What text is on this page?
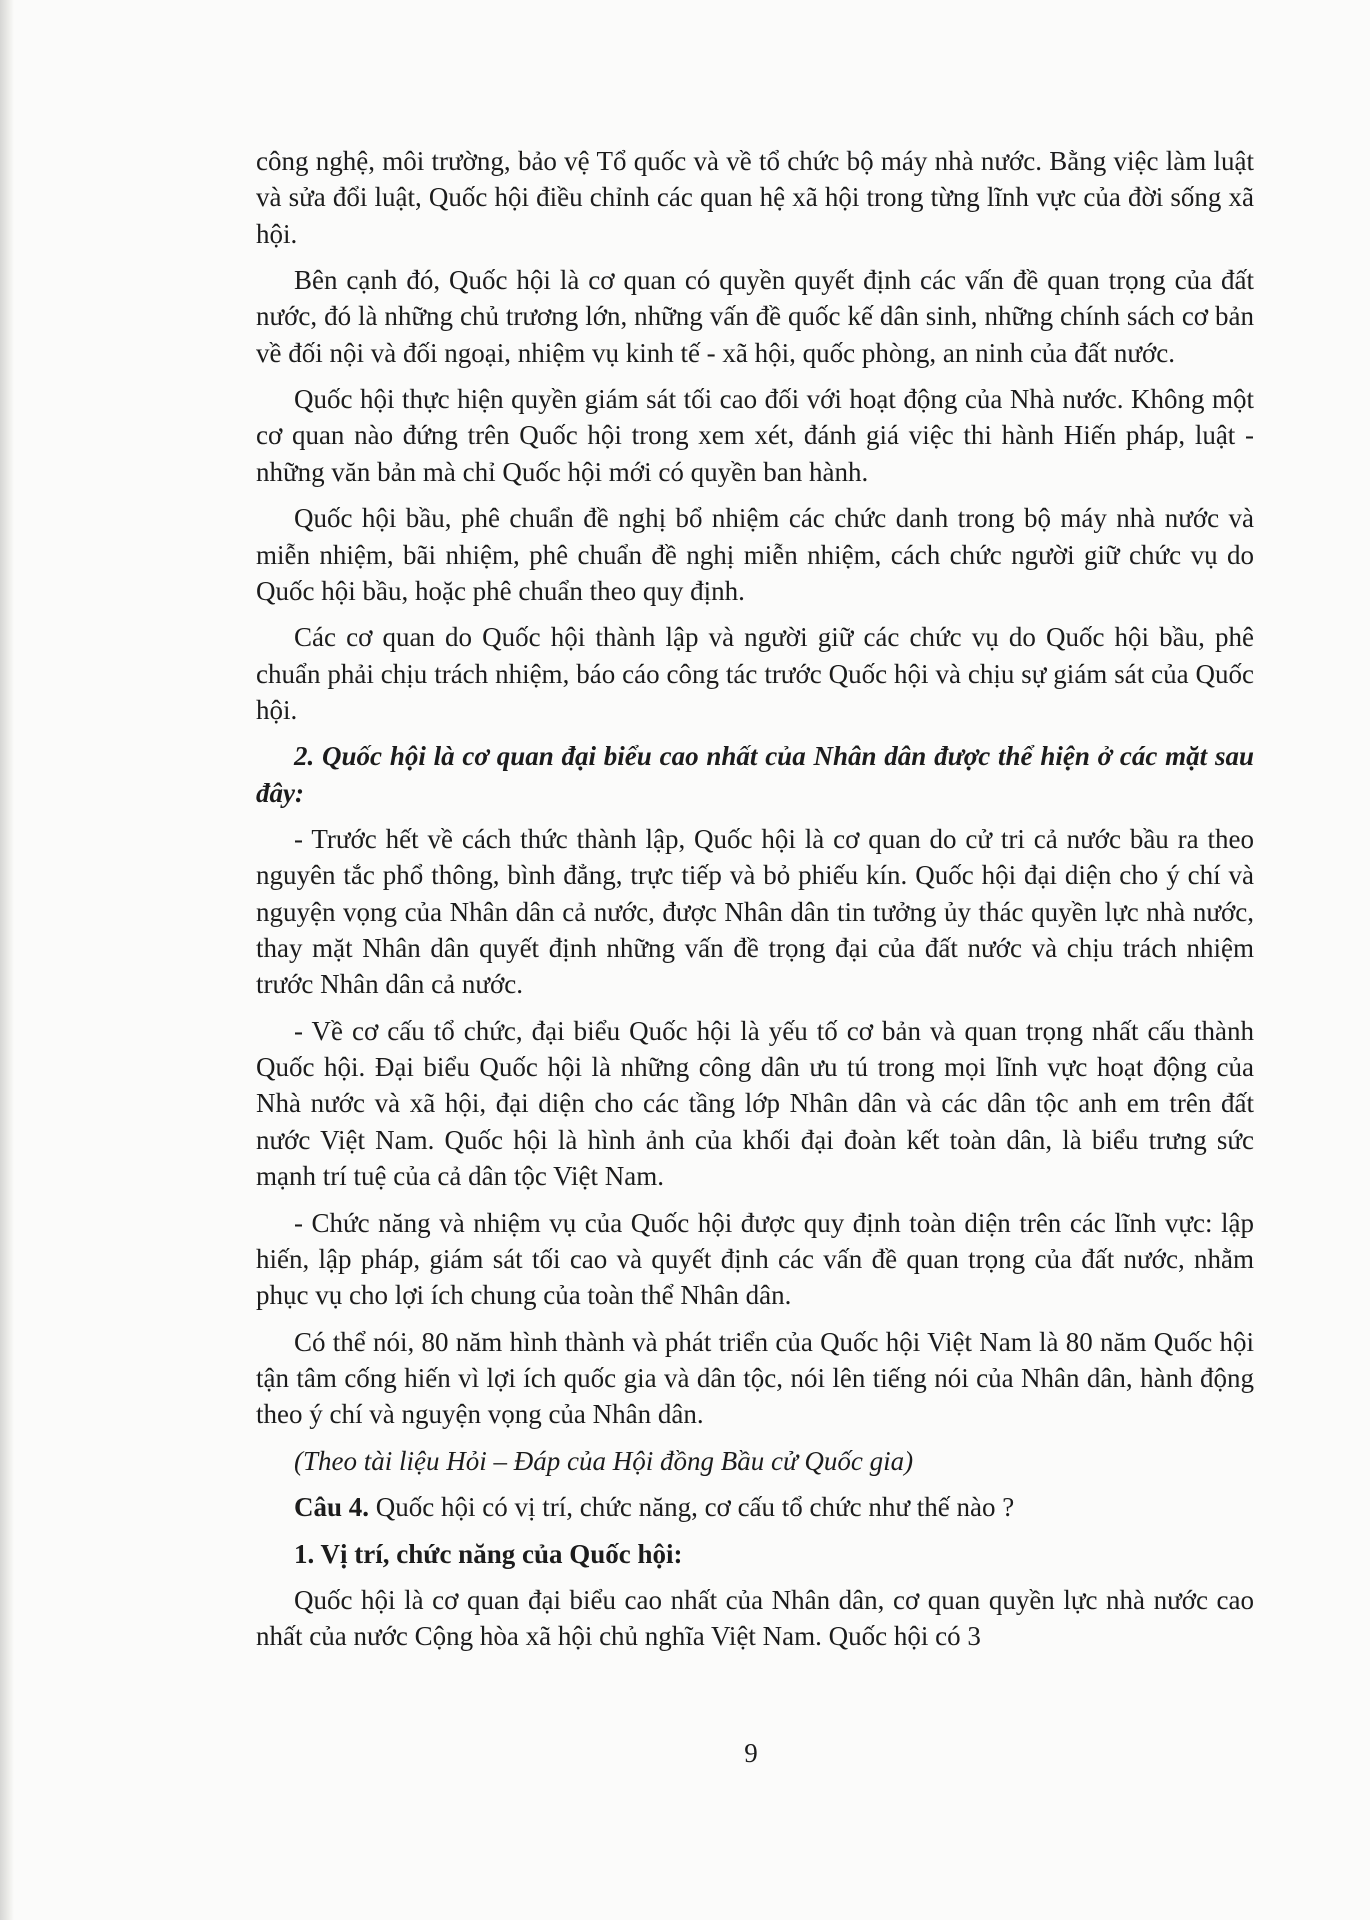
công nghệ, môi trường, bảo vệ Tổ quốc và về tổ chức bộ máy nhà nước. Bằng việc làm luật và sửa đổi luật, Quốc hội điều chỉnh các quan hệ xã hội trong từng lĩnh vực của đời sống xã hội.

Bên cạnh đó, Quốc hội là cơ quan có quyền quyết định các vấn đề quan trọng của đất nước, đó là những chủ trương lớn, những vấn đề quốc kế dân sinh, những chính sách cơ bản về đối nội và đối ngoại, nhiệm vụ kinh tế - xã hội, quốc phòng, an ninh của đất nước.

Quốc hội thực hiện quyền giám sát tối cao đối với hoạt động của Nhà nước. Không một cơ quan nào đứng trên Quốc hội trong xem xét, đánh giá việc thi hành Hiến pháp, luật - những văn bản mà chỉ Quốc hội mới có quyền ban hành.

Quốc hội bầu, phê chuẩn đề nghị bổ nhiệm các chức danh trong bộ máy nhà nước và miễn nhiệm, bãi nhiệm, phê chuẩn đề nghị miễn nhiệm, cách chức người giữ chức vụ do Quốc hội bầu, hoặc phê chuẩn theo quy định.

Các cơ quan do Quốc hội thành lập và người giữ các chức vụ do Quốc hội bầu, phê chuẩn phải chịu trách nhiệm, báo cáo công tác trước Quốc hội và chịu sự giám sát của Quốc hội.

2. Quốc hội là cơ quan đại biểu cao nhất của Nhân dân được thể hiện ở các mặt sau đây:

- Trước hết về cách thức thành lập, Quốc hội là cơ quan do cử tri cả nước bầu ra theo nguyên tắc phổ thông, bình đẳng, trực tiếp và bỏ phiếu kín. Quốc hội đại diện cho ý chí và nguyện vọng của Nhân dân cả nước, được Nhân dân tin tưởng ủy thác quyền lực nhà nước, thay mặt Nhân dân quyết định những vấn đề trọng đại của đất nước và chịu trách nhiệm trước Nhân dân cả nước.

- Về cơ cấu tổ chức, đại biểu Quốc hội là yếu tố cơ bản và quan trọng nhất cấu thành Quốc hội. Đại biểu Quốc hội là những công dân ưu tú trong mọi lĩnh vực hoạt động của Nhà nước và xã hội, đại diện cho các tầng lớp Nhân dân và các dân tộc anh em trên đất nước Việt Nam. Quốc hội là hình ảnh của khối đại đoàn kết toàn dân, là biểu trưng sức mạnh trí tuệ của cả dân tộc Việt Nam.

- Chức năng và nhiệm vụ của Quốc hội được quy định toàn diện trên các lĩnh vực: lập hiến, lập pháp, giám sát tối cao và quyết định các vấn đề quan trọng của đất nước, nhằm phục vụ cho lợi ích chung của toàn thể Nhân dân.

Có thể nói, 80 năm hình thành và phát triển của Quốc hội Việt Nam là 80 năm Quốc hội tận tâm cống hiến vì lợi ích quốc gia và dân tộc, nói lên tiếng nói của Nhân dân, hành động theo ý chí và nguyện vọng của Nhân dân.

(Theo tài liệu Hỏi – Đáp của Hội đồng Bầu cử Quốc gia)

Câu 4. Quốc hội có vị trí, chức năng, cơ cấu tổ chức như thế nào ?

1. Vị trí, chức năng của Quốc hội:

Quốc hội là cơ quan đại biểu cao nhất của Nhân dân, cơ quan quyền lực nhà nước cao nhất của nước Cộng hòa xã hội chủ nghĩa Việt Nam. Quốc hội có 3

9
